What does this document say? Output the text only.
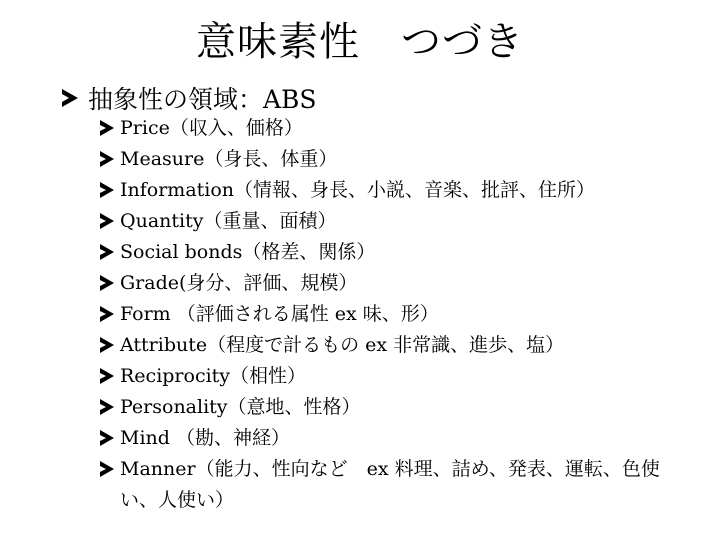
意味素性　つづき
抽象性の領域：ABS
Price（収入、価格）
Measure（身長、体重）
Information（情報、身長、小説、音楽、批評、住所）
Quantity（重量、面積）
Social bonds（格差、関係）
Grade(身分、評価、規模）
Form （評価される属性 ex 味、形）
Attribute（程度で計るもの ex 非常識、進歩、塩）
Reciprocity（相性）
Personality（意地、性格）
Mind （勘、神経）
Manner（能力、性向など　ex 料理、詰め、発表、運転、色使い、人使い）
